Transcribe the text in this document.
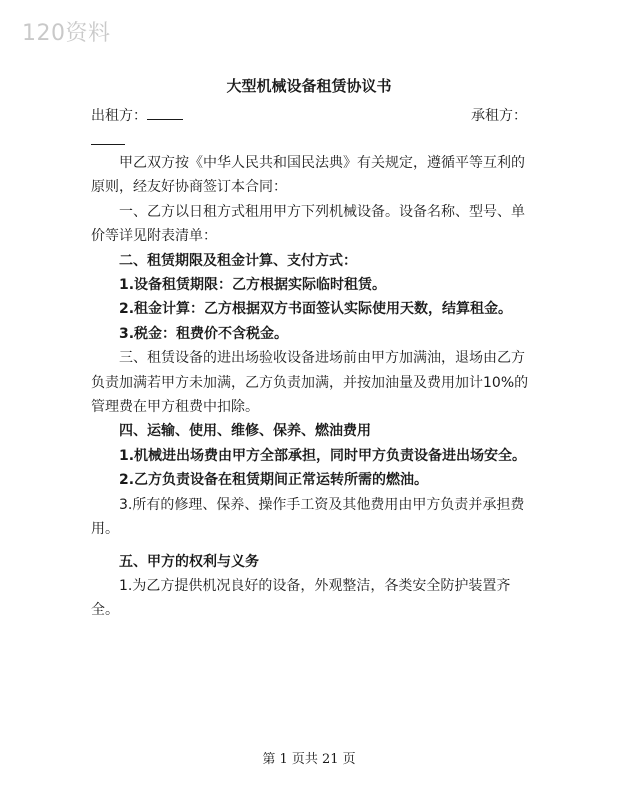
120资料
大型机械设备租赁协议书
出租方：	承租方：

甲乙双方按《中华人民共和国民法典》有关规定，遵循平等互利的原则，经友好协商签订本合同：

一、乙方以日租方式租用甲方下列机械设备。设备名称、型号、单价等详见附表清单：

二、租赁期限及租金计算、支付方式：

1.设备租赁期限：乙方根据实际临时租赁。

2.租金计算：乙方根据双方书面签认实际使用天数，结算租金。

3.税金：租费价不含税金。

三、租赁设备的进出场验收设备进场前由甲方加满油，退场由乙方负责加满若甲方未加满，乙方负责加满，并按加油量及费用加计10%的管理费在甲方租费中扣除。

四、运输、使用、维修、保养、燃油费用

1.机械进出场费由甲方全部承担，同时甲方负责设备进出场安全。

2.乙方负责设备在租赁期间正常运转所需的燃油。

3.所有的修理、保养、操作手工资及其他费用由甲方负责并承担费用。

五、甲方的权利与义务

1.为乙方提供机况良好的设备，外观整洁，各类安全防护装置齐全。

第 1 页共 21 页
